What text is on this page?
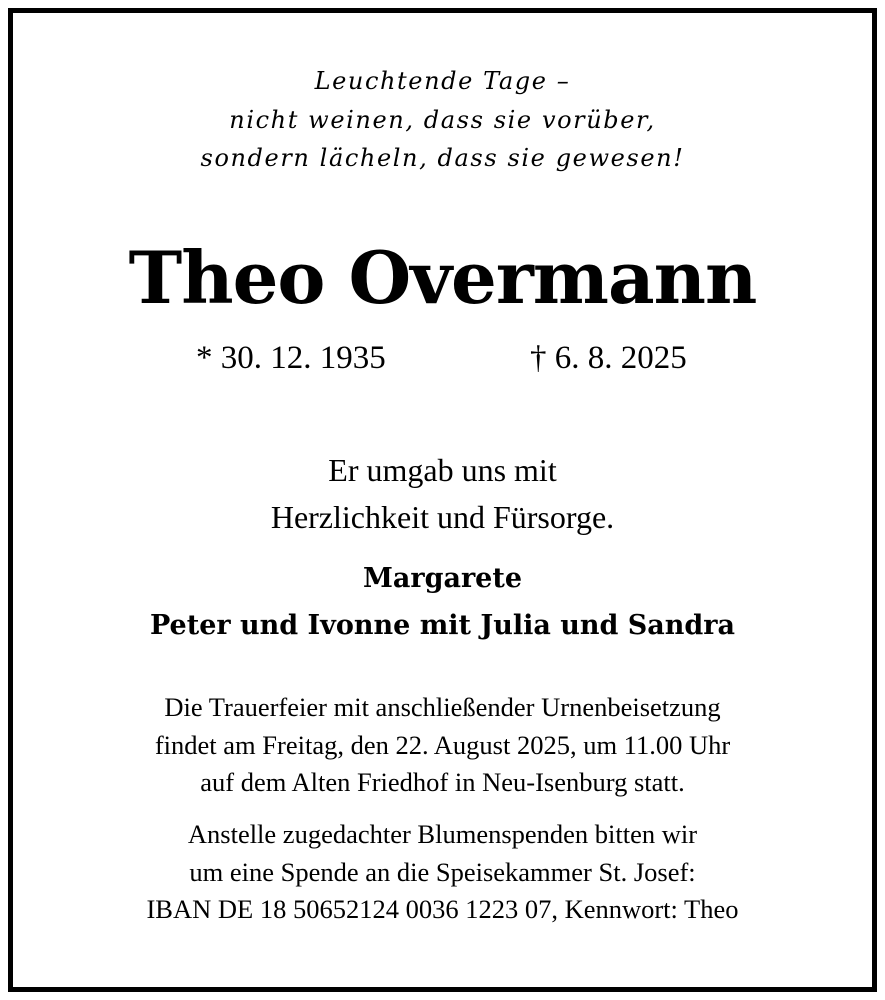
Leuchtende Tage –
nicht weinen, dass sie vorüber,
sondern lächeln, dass sie gewesen!
Theo Overmann
* 30. 12. 1935	† 6. 8. 2025
Er umgab uns mit
Herzlichkeit und Fürsorge.
Margarete
Peter und Ivonne mit Julia und Sandra
Die Trauerfeier mit anschließender Urnenbeisetzung
findet am Freitag, den 22. August 2025, um 11.00 Uhr
auf dem Alten Friedhof in Neu-Isenburg statt.
Anstelle zugedachter Blumenspenden bitten wir
um eine Spende an die Speisekammer St. Josef:
IBAN DE 18 50652124 0036 1223 07, Kennwort: Theo
